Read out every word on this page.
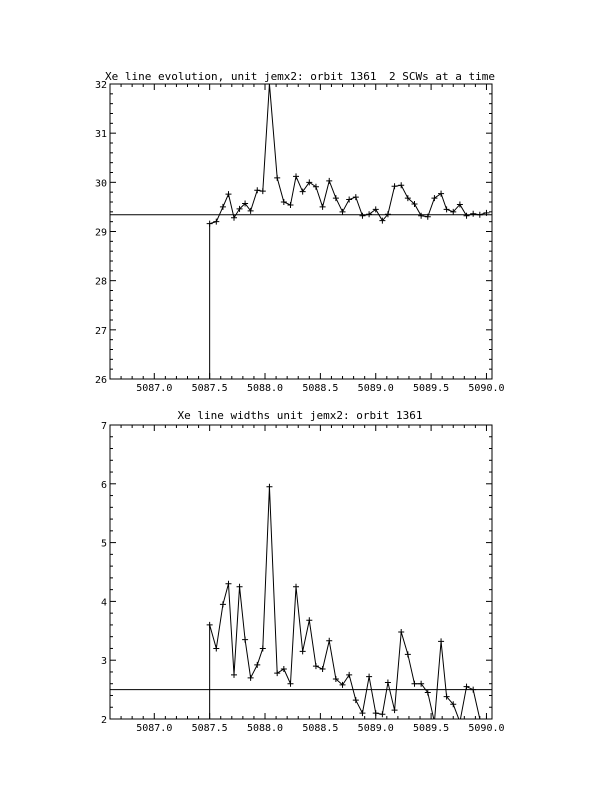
Xe line evolution, unit jemx2: orbit 1361 2 SCWs at a time
5087.0 5087.5 5088.0 5088.5 5089.0 5089.5 5090.0
26
27
28
29
30
31
32
Xe line widths unit jemx2: orbit 1361
5087.0 5087.5 5088.0 5088.5 5089.0 5089.5 5090.0
2
3
4
5
6
7
